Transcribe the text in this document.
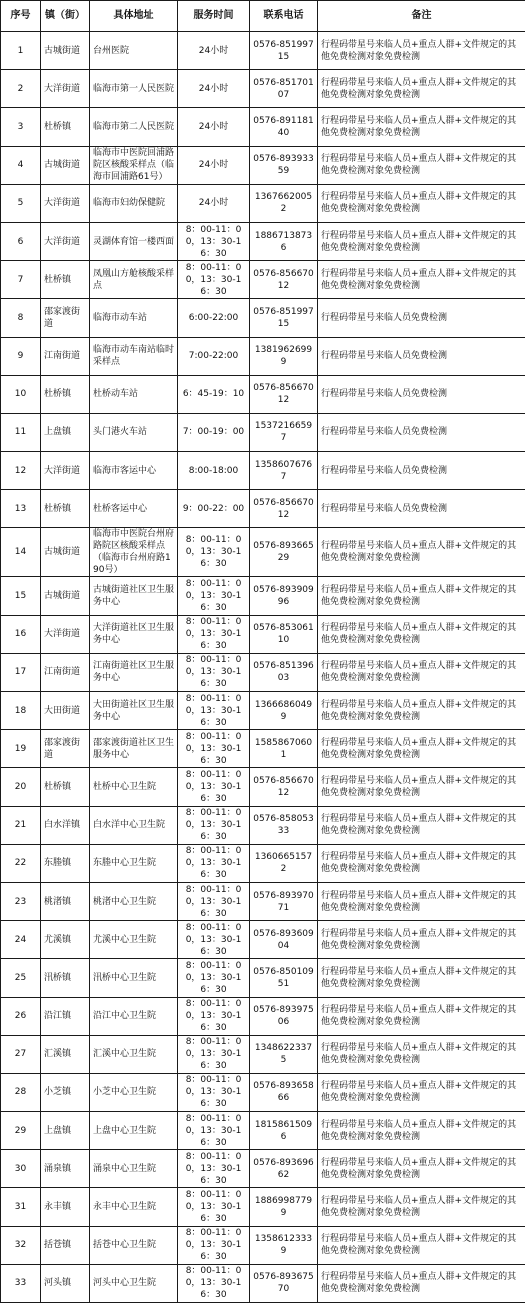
序号	镇（街）	具体地址	服务时间	联系电话	备注
1	古城街道	台州医院	24小时	0576-85199715	行程码带星号来临人员+重点人群+文件规定的其他免费检测对象免费检测
2	大洋街道	临海市第一人民医院	24小时	0576-85170107	行程码带星号来临人员+重点人群+文件规定的其他免费检测对象免费检测
3	杜桥镇	临海市第二人民医院	24小时	0576-89118140	行程码带星号来临人员+重点人群+文件规定的其他免费检测对象免费检测
4	古城街道	临海市中医院回浦路院区核酸采样点（临海市回浦路61号）	24小时	0576-89393359	行程码带星号来临人员+重点人群+文件规定的其他免费检测对象免费检测
5	大洋街道	临海市妇幼保健院	24小时	13676620052	行程码带星号来临人员+重点人群+文件规定的其他免费检测对象免费检测
6	大洋街道	灵湖体育馆一楼西面	8：00-11：00，13：30-16：30	18867138736	行程码带星号来临人员+重点人群+文件规定的其他免费检测对象免费检测
7	杜桥镇	凤凰山方舱核酸采样点	8：00-11：00，13：30-16：30	0576-85667012	行程码带星号来临人员+重点人群+文件规定的其他免费检测对象免费检测
8	邵家渡街道	临海市动车站	6:00-22:00	0576-85199715	行程码带星号来临人员免费检测
9	江南街道	临海市动车南站临时采样点	7:00-22:00	13819626999	行程码带星号来临人员免费检测
10	杜桥镇	杜桥动车站	6：45-19：10	0576-85667012	行程码带星号来临人员免费检测
11	上盘镇	头门港火车站	7：00-19：00	15372166597	行程码带星号来临人员免费检测
12	大洋街道	临海市客运中心	8:00-18:00	13586076767	行程码带星号来临人员免费检测
13	杜桥镇	杜桥客运中心	9：00-22：00	0576-85667012	行程码带星号来临人员免费检测
14	古城街道	临海市中医院台州府路院区核酸采样点（临海市台州府路190号）	8：00-11：00，13：30-16：30	0576-89366529	行程码带星号来临人员+重点人群+文件规定的其他免费检测对象免费检测
15	古城街道	古城街道社区卫生服务中心	8：00-11：00，13：30-16：30	0576-89390996	行程码带星号来临人员+重点人群+文件规定的其他免费检测对象免费检测
16	大洋街道	大洋街道社区卫生服务中心	8：00-11：00，13：30-16：30	0576-85306110	行程码带星号来临人员+重点人群+文件规定的其他免费检测对象免费检测
17	江南街道	江南街道社区卫生服务中心	8：00-11：00，13：30-16：30	0576-85139603	行程码带星号来临人员+重点人群+文件规定的其他免费检测对象免费检测
18	大田街道	大田街道社区卫生服务中心	8：00-11：00，13：30-16：30	13666860499	行程码带星号来临人员+重点人群+文件规定的其他免费检测对象免费检测
19	邵家渡街道	邵家渡街道社区卫生服务中心	8：00-11：00，13：30-16：30	15858670601	行程码带星号来临人员+重点人群+文件规定的其他免费检测对象免费检测
20	杜桥镇	杜桥中心卫生院	8：00-11：00，13：30-16：30	0576-85667012	行程码带星号来临人员+重点人群+文件规定的其他免费检测对象免费检测
21	白水洋镇	白水洋中心卫生院	8：00-11：00，13：30-16：30	0576-85805333	行程码带星号来临人员+重点人群+文件规定的其他免费检测对象免费检测
22	东塍镇	东塍中心卫生院	8：00-11：00，13：30-16：30	13606651572	行程码带星号来临人员+重点人群+文件规定的其他免费检测对象免费检测
23	桃渚镇	桃渚中心卫生院	8：00-11：00，13：30-16：30	0576-89397071	行程码带星号来临人员+重点人群+文件规定的其他免费检测对象免费检测
24	尤溪镇	尤溪中心卫生院	8：00-11：00，13：30-16：30	0576-89360904	行程码带星号来临人员+重点人群+文件规定的其他免费检测对象免费检测
25	汛桥镇	汛桥中心卫生院	8：00-11：00，13：30-16：30	0576-85010951	行程码带星号来临人员+重点人群+文件规定的其他免费检测对象免费检测
26	沿江镇	沿江中心卫生院	8：00-11：00，13：30-16：30	0576-89397506	行程码带星号来临人员+重点人群+文件规定的其他免费检测对象免费检测
27	汇溪镇	汇溪中心卫生院	8：00-11：00，13：30-16：30	13486223375	行程码带星号来临人员+重点人群+文件规定的其他免费检测对象免费检测
28	小芝镇	小芝中心卫生院	8：00-11：00，13：30-16：30	0576-89365866	行程码带星号来临人员+重点人群+文件规定的其他免费检测对象免费检测
29	上盘镇	上盘中心卫生院	8：00-11：00，13：30-16：30	18158615096	行程码带星号来临人员+重点人群+文件规定的其他免费检测对象免费检测
30	涌泉镇	涌泉中心卫生院	8：00-11：00，13：30-16：30	0576-89369662	行程码带星号来临人员+重点人群+文件规定的其他免费检测对象免费检测
31	永丰镇	永丰中心卫生院	8：00-11：00，13：30-16：30	18869987799	行程码带星号来临人员+重点人群+文件规定的其他免费检测对象免费检测
32	括苍镇	括苍中心卫生院	8：00-11：00，13：30-16：30	13586123339	行程码带星号来临人员+重点人群+文件规定的其他免费检测对象免费检测
33	河头镇	河头中心卫生院	8：00-11：00，13：30-16：30	0576-89367570	行程码带星号来临人员+重点人群+文件规定的其他免费检测对象免费检测
